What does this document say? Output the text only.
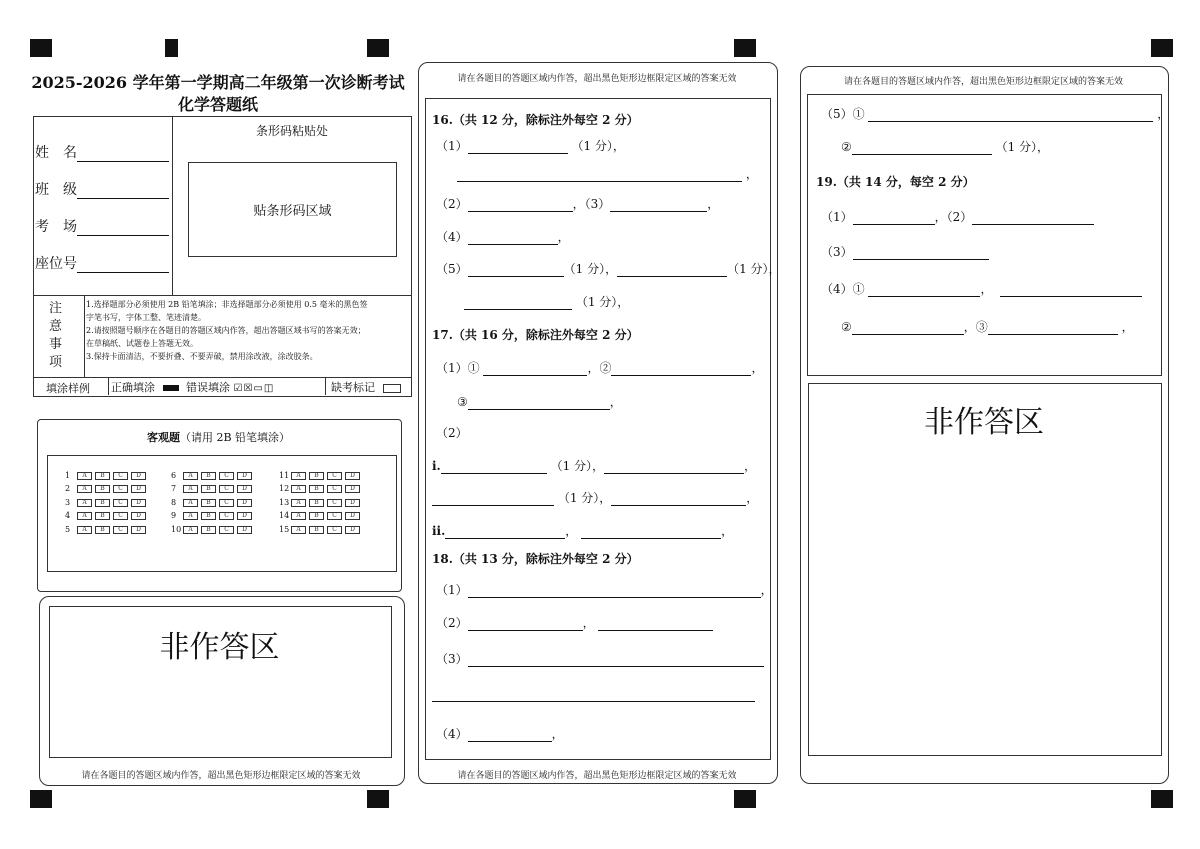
2025-2026 学年第一学期高二年级第一次诊断考试
化学答题纸
姓　名
班　级
考　场
座位号
条形码粘贴处
贴条形码区域
注
意
事
项
1.选择题部分必须使用 2B 铅笔填涂；非选择题部分必须使用 0.5 毫米的黑色签
字笔书写，字体工整、笔迹清楚。
2.请按照题号顺序在各题目的答题区域内作答，超出答题区域书写的答案无效；
在草稿纸、试题卷上答题无效。
3.保持卡面清洁，不要折叠、不要弄破，禁用涂改液，涂改胶条。
填涂样例 正确填涂	错误填涂 ☑☒▭◫	缺考标记
客观题（请用 2B 铅笔填涂）
1 A B C D
2 A B C D
3 A B C D
4 A B C D
5 A B C D
6 A B C D
7 A B C D
8 A B C D
9 A B C D
10 A B C D
11 A B C D
12 A B C D
13 A B C D
14 A B C D
15 A B C D
非作答区
请在各题目的答题区域内作答，超出黑色矩形边框限定区域的答案无效
请在各题目的答题区域内作答，超出黑色矩形边框限定区域的答案无效
请在各题目的答题区域内作答，超出黑色矩形边框限定区域的答案无效
16.（共 12 分，除标注外每空 2 分）
（1）	（1 分），
，
（2）	，（3）	，
（4）	，
（5）	（1 分），	（1 分），
（1 分），
17.（共 16 分，除标注外每空 2 分）
（1）①	，②	，
③	，
（2）
i.	（1 分），	，
（1 分），	，
ii.	，	，
18.（共 13 分，除标注外每空 2 分）
（1）	，
（2）	，
（3）
（4）	，
请在各题目的答题区域内作答，超出黑色矩形边框限定区域的答案无效
（5）①	，
②	（1 分），
19.（共 14 分，每空 2 分）
（1）	，（2）
（3）
（4）①	，
②	，③	，
非作答区
